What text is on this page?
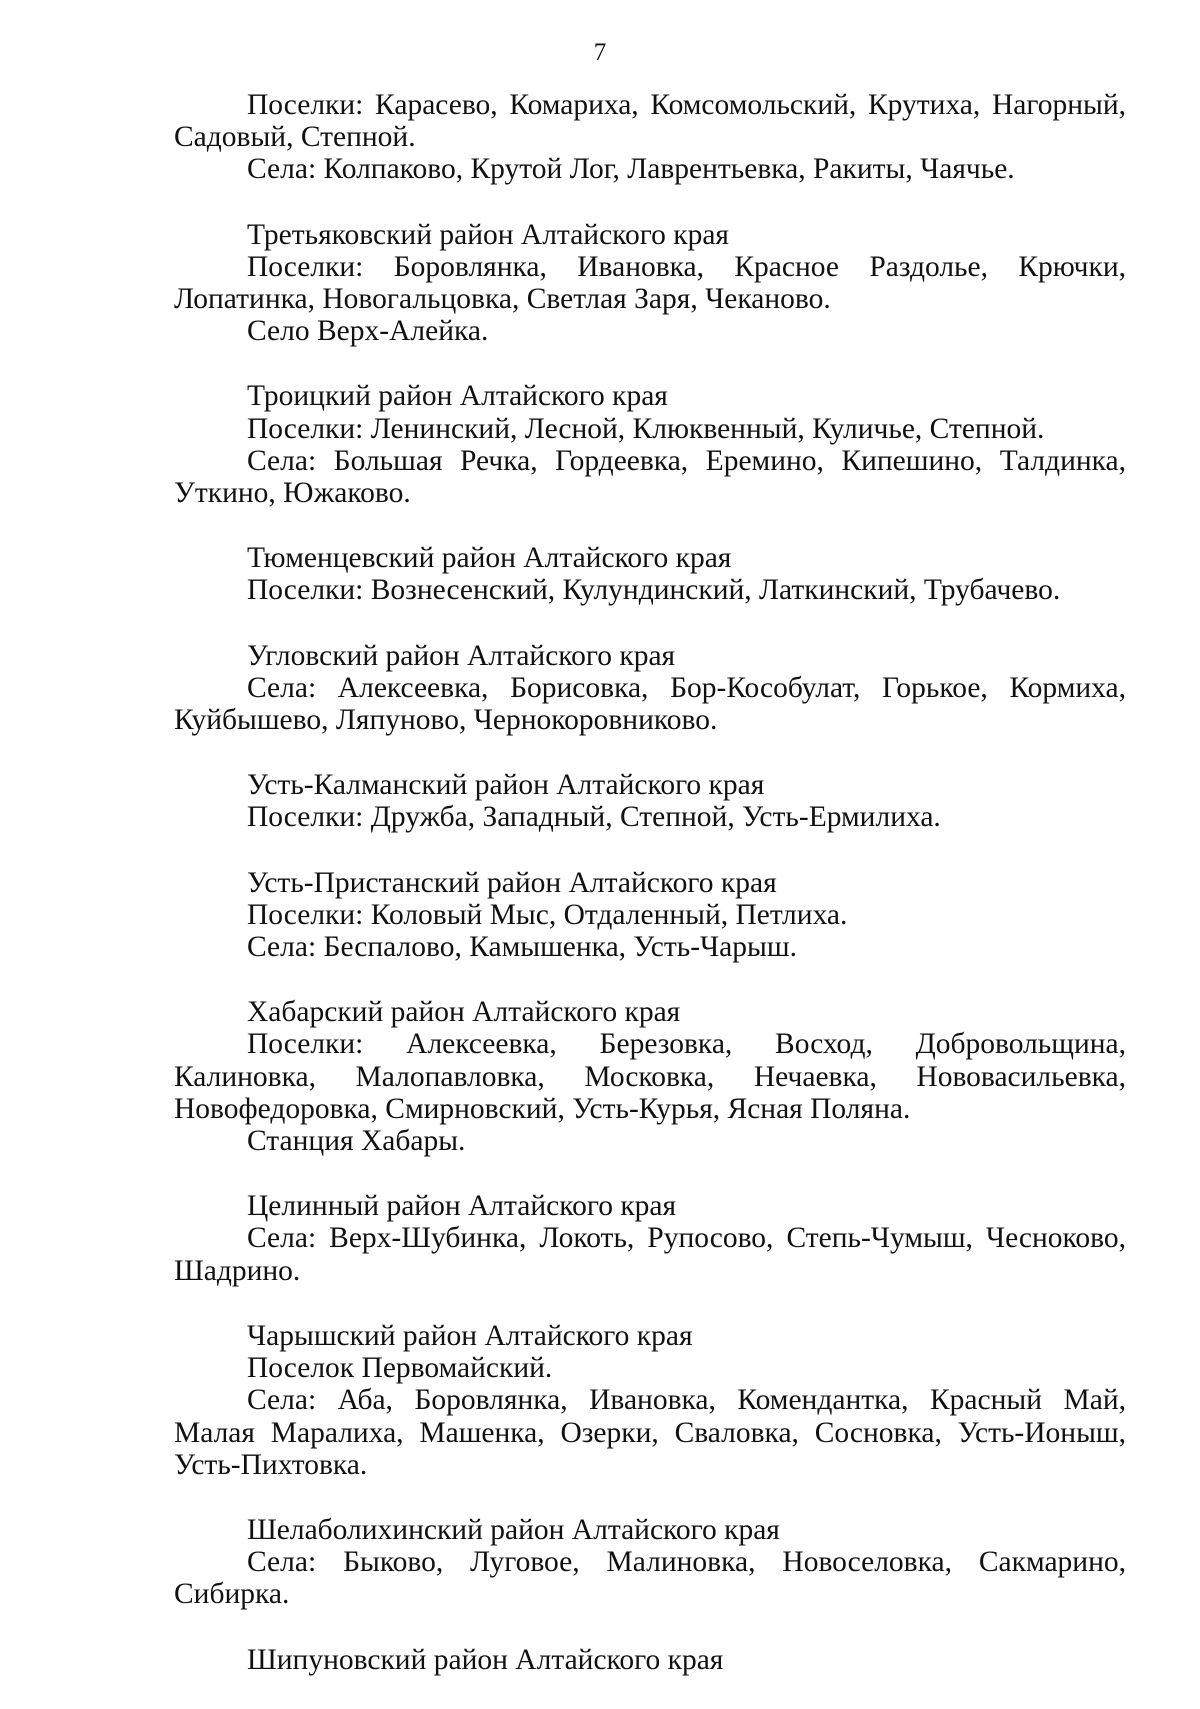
7

Поселки: Карасево, Комариха, Комсомольский, Крутиха, Нагорный, Садовый, Степной.

Села: Колпаково, Крутой Лог, Лаврентьевка, Ракиты, Чаячье.

Третьяковский район Алтайского края

Поселки: Боровлянка, Ивановка, Красное Раздолье, Крючки, Лопатинка, Новогальцовка, Светлая Заря, Чеканово.

Село Верх-Алейка.

Троицкий район Алтайского края

Поселки: Ленинский, Лесной, Клюквенный, Куличье, Степной.

Села: Большая Речка, Гордеевка, Еремино, Кипешино, Талдинка, Уткино, Южаково.

Тюменцевский район Алтайского края

Поселки: Вознесенский, Кулундинский, Латкинский, Трубачево.

Угловский район Алтайского края

Села: Алексеевка, Борисовка, Бор-Кособулат, Горькое, Кормиха, Куйбышево, Ляпуново, Чернокоровниково.

Усть-Калманский район Алтайского края

Поселки: Дружба, Западный, Степной, Усть-Ермилиха.

Усть-Пристанский район Алтайского края

Поселки: Коловый Мыс, Отдаленный, Петлиха.

Села: Беспалово, Камышенка, Усть-Чарыш.

Хабарский район Алтайского края

Поселки: Алексеевка, Березовка, Восход, Добровольщина, Калиновка, Малопавловка, Московка, Нечаевка, Нововасильевка, Новофедоровка, Смирновский, Усть-Курья, Ясная Поляна.

Станция Хабары.

Целинный район Алтайского края

Села: Верх-Шубинка, Локоть, Рупосово, Степь-Чумыш, Чесноково, Шадрино.

Чарышский район Алтайского края

Поселок Первомайский.

Села: Аба, Боровлянка, Ивановка, Комендантка, Красный Май, Малая Маралиха, Машенка, Озерки, Сваловка, Сосновка, Усть-Ионыш, Усть-Пихтовка.

Шелаболихинский район Алтайского края

Села: Быково, Луговое, Малиновка, Новоселовка, Сакмарино, Сибирка.

Шипуновский район Алтайского края
